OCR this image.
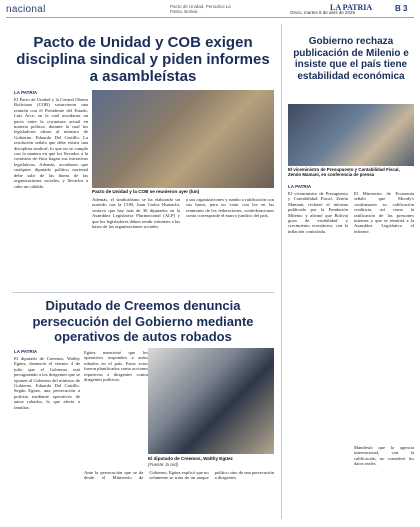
nacional	Pacto de Unidad, Periodico La Patria. Bolivia	Oruro, martes 8 de abril de 2025
LA PATRIA	B 3
Pacto de Unidad y COB exigen disciplina sindical y piden informes a asambleístas
LA PATRIA
El Pacto de Unidad y la Central Obrera Boliviana (COB) sostuvieron una reunión con el Presidente del Estado, Luis Arce, en la cual acordaron un pacto entre la coyuntura actual en materia política, durante la cual los legisladores afines al ministro de Gobierno, Eduardo Del Castillo. La resolución señala que debe existir una disciplina sindical, lo que no se cumple con la manera en que los llevados a la comisión de ética hagan sus iniciativas legislativas. Además, acordaron que cualquier diputado político nacional debe salir de las líneas de las organizaciones sociales, y llevarlos a cabo un cabildo.
Pacto de Unidad y la COB se reunieron ayer (lun)
Además, el sindicalismo se ha elaborado un acuerdo con la COB, Juan Carlos Huarachi, sostuvo que hay más de 30 diputados en la Asamblea Legislativa Plurinacional (ALP) y que los legisladores deben rendir informes a las bases de las organizaciones sociales.
a sus organizaciones y rumbo a ratificación con sus bases, para no votar con los en las reuniones de los federaciones, confederaciones como corresponde el marco jurídico del país.
Gobierno rechaza publicación de Milenio e insiste que el país tiene estabilidad económica
El viceministro de Presupuesto y Contabilidad Fiscal, Zenón Mamani, en conferencia de prensa
LA PATRIA
El viceministro de Presupuesto y Contabilidad Fiscal, Zenón Mamani, rechazó el informe publicado por la Fundación Milenio y afirmó que Bolivia goza de estabilidad y crecimiento económico, con la inflación controlada.
El Ministerio de Economía señaló que Moody's confirmaron su calificación crediticia, así como la ratificación de las presiones internas y que se remitirá a la Asamblea Legislativa el informe.
Manifestó que la agencia internacional, con la calificación, no consideró los datos reales.
Diputado de Creemos denuncia persecución del Gobierno mediante operativos de autos robados
LA PATRIA
El diputado de Creemos, Walthy Egüez, denunció el viernes 4 de julio que el Gobierno está persiguiendo a los dirigentes que se oponen al Gobierno del ministro de Gobierno, Eduardo Del Castillo. Según Egüez, una persecución a policías mediante operativos de autos robados, lo que afecta a familias.
Egüez mencionó que los operativos responden a autos robados en el país. Estos actos fueron planificados como acciones represivas a dirigentes contra dirigentes políticos.
El diputado de Creemos, Walthy Egüez
(Fuente: la red)
Ante la persecución que se da desde el Ministerio de Gobierno, Egüez explicó que no solamente se trata de un ataque político sino de una persecución a dirigentes.
